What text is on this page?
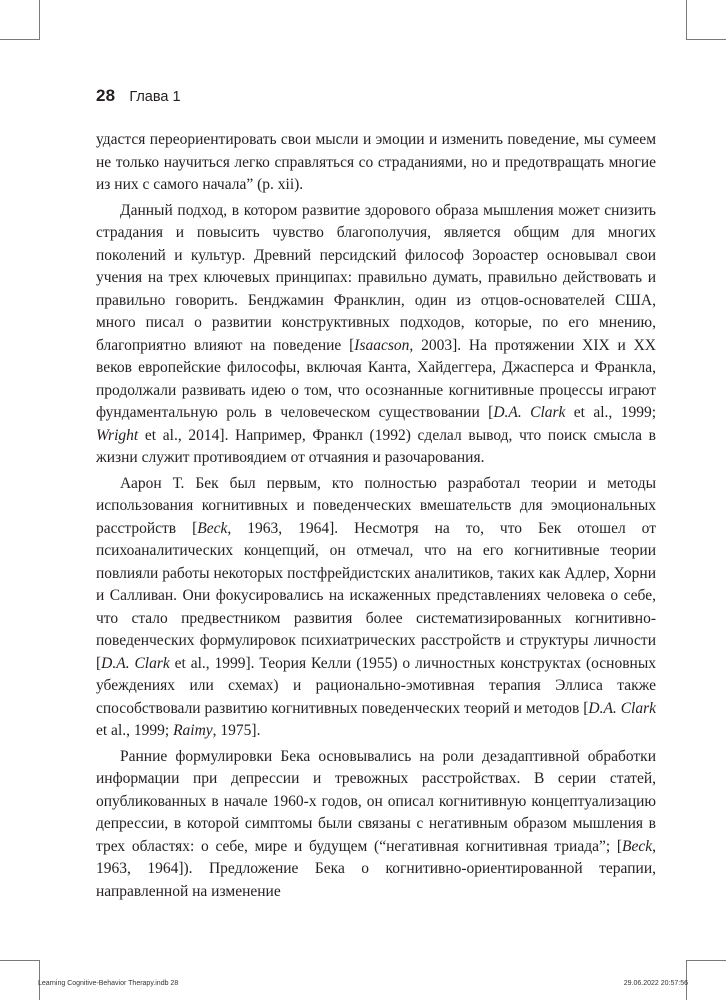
28 Глава 1

удастся переориентировать свои мысли и эмоции и изменить поведение, мы сумеем не только научиться легко справляться со страданиями, но и предотвращать многие из них с самого начала” (p. xii).

Данный подход, в котором развитие здорового образа мышления может снизить страдания и повысить чувство благополучия, является общим для многих поколений и культур. Древний персидский философ Зороастер основывал свои учения на трех ключевых принципах: правильно думать, правильно действовать и правильно говорить. Бенджамин Франклин, один из отцов-основателей США, много писал о развитии конструктивных подходов, которые, по его мнению, благоприятно влияют на поведение [Isaacson, 2003]. На протяжении XIX и XX веков европейские философы, включая Канта, Хайдеггера, Джасперса и Франкла, продолжали развивать идею о том, что осознанные когнитивные процессы играют фундаментальную роль в человеческом существовании [D.A. Clark et al., 1999; Wright et al., 2014]. Например, Франкл (1992) сделал вывод, что поиск смысла в жизни служит противоядием от отчаяния и разочарования.

Аарон Т. Бек был первым, кто полностью разработал теории и методы использования когнитивных и поведенческих вмешательств для эмоциональных расстройств [Beck, 1963, 1964]. Несмотря на то, что Бек отошел от психоаналитических концепций, он отмечал, что на его когнитивные теории повлияли работы некоторых постфрейдистских аналитиков, таких как Адлер, Хорни и Салливан. Они фокусировались на искаженных представлениях человека о себе, что стало предвестником развития более систематизированных когнитивно-поведенческих формулировок психиатрических расстройств и структуры личности [D.A. Clark et al., 1999]. Теория Келли (1955) о личностных конструктах (основных убеждениях или схемах) и рационально-эмотивная терапия Эллиса также способствовали развитию когнитивных поведенческих теорий и методов [D.A. Clark et al., 1999; Raimy, 1975].

Ранние формулировки Бека основывались на роли дезадаптивной обработки информации при депрессии и тревожных расстройствах. В серии статей, опубликованных в начале 1960-х годов, он описал когнитивную концептуализацию депрессии, в которой симптомы были связаны с негативным образом мышления в трех областях: о себе, мире и будущем (“негативная когнитивная триада”; [Beck, 1963, 1964]). Предложение Бека о когнитивно-ориентированной терапии, направленной на изменение

Learning Cognitive-Behavior Therapy.indb 28	29.06.2022 20:57:56
